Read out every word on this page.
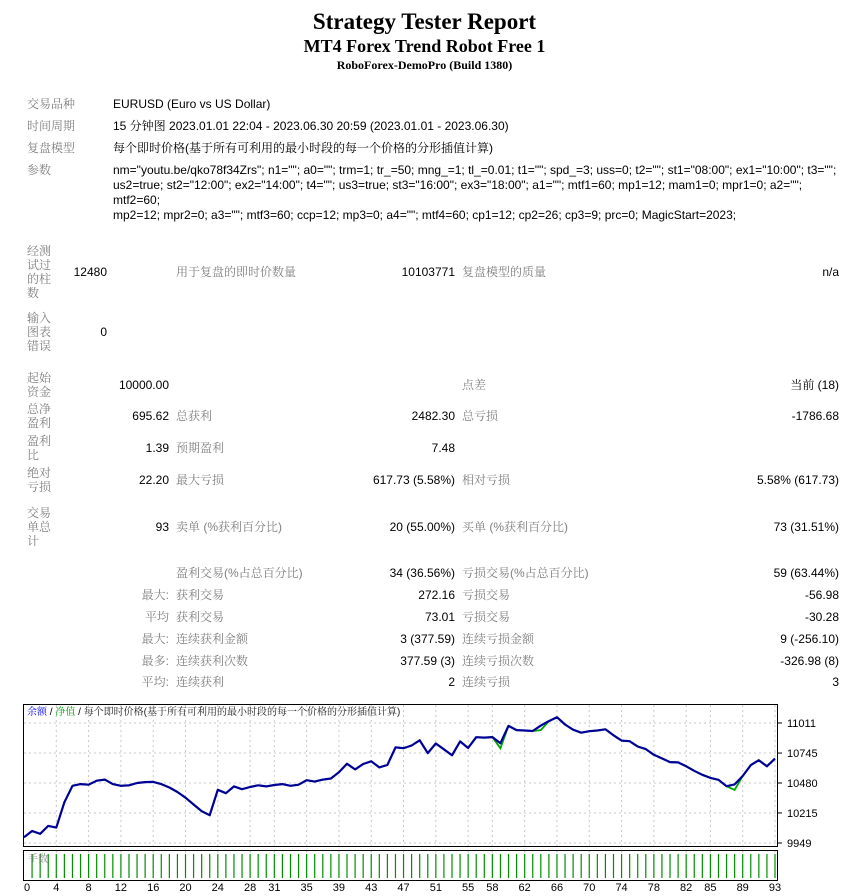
Strategy Tester Report
MT4 Forex Trend Robot Free 1
RoboForex-DemoPro (Build 1380)
交易品种	EURUSD (Euro vs US Dollar)

时间周期	15 分钟图 2023.01.01 22:04 - 2023.06.30 20:59 (2023.01.01 - 2023.06.30)

复盘模型	每个即时价格(基于所有可利用的最小时段的每一个价格的分形插值计算)

参数	nm="youtu.be/qko78f34Zrs"; n1=""; a0=""; trm=1; tr_=50; mng_=1; tl_=0.01; t1=""; spd_=3; uss=0; t2=""; st1="08:00"; ex1="10:00"; t3="";
us2=true; st2="12:00"; ex2="14:00"; t4=""; us3=true; st3="16:00"; ex3="18:00"; a1=""; mtf1=60; mp1=12; mam1=0; mpr1=0; a2=""; mtf2=60;
mp2=12; mpr2=0; a3=""; mtf3=60; ccp=12; mp3=0; a4=""; mtf4=60; cp1=12; cp2=26; cp3=9; prc=0; MagicStart=2023;
经测试过的柱数	12480	用于复盘的即时价数量	10103771	复盘模型的质量	n/a
输入图表错误	0				

起始资金	10000.00			点差	当前 (18)
总净盈利	695.62	总获利	2482.30	总亏损	-1786.68
盈利比	1.39	预期盈利	7.48		
绝对亏损	22.20	最大亏损	617.73 (5.58%)	相对亏损	5.58% (617.73)

交易单总计	93	卖单 (%获利百分比)	20 (55.00%)	买单 (%获利百分比)	73 (31.51%)

		盈利交易(%占总百分比)	34 (36.56%)	亏损交易(%占总百分比)	59 (63.44%)
	最大:	获利交易	272.16	亏损交易	-56.98
	平均	获利交易	73.01	亏损交易	-30.28
	最大:	连续获利金额	3 (377.59)	连续亏损金额	9 (-256.10)
	最多:	连续获利次数	377.59 (3)	连续亏损次数	-326.98 (8)
	平均:	连续获利	2	连续亏损	3
11011
10745
10480
10215
9949
余额 / 净值 / 每个即时价格(基于所有可利用的最小时段的每一个价格的分形插值计算)
手数
0 4 8 12 16 20 24 28 31 35 39 43 47 51 55 58 62 66 70 74 78 82 85 89 93
